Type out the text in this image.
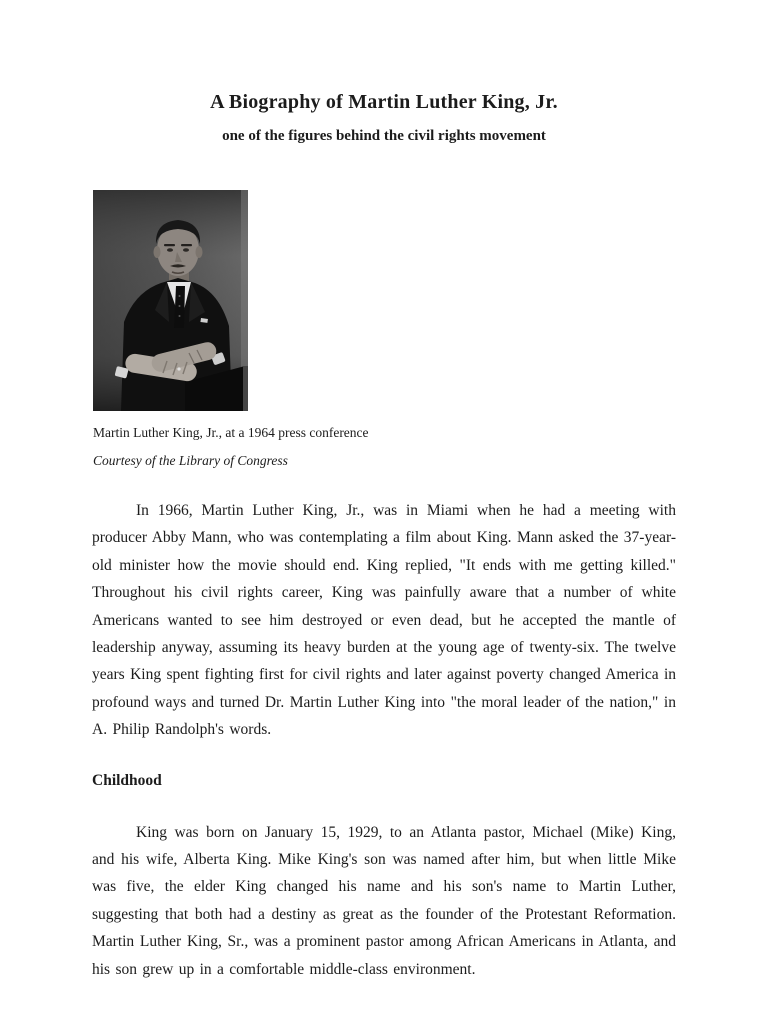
A Biography of Martin Luther King, Jr.
one of the figures behind the civil rights movement
Martin Luther King, Jr., at a 1964 press conference
Courtesy of the Library of Congress

In 1966, Martin Luther King, Jr., was in Miami when he had a meeting with producer Abby Mann, who was contemplating a film about King. Mann asked the 37-year-old minister how the movie should end. King replied, "It ends with me getting killed." Throughout his civil rights career, King was painfully aware that a number of white Americans wanted to see him destroyed or even dead, but he accepted the mantle of leadership anyway, assuming its heavy burden at the young age of twenty-six. The twelve years King spent fighting first for civil rights and later against poverty changed America in profound ways and turned Dr. Martin Luther King into "the moral leader of the nation," in A. Philip Randolph's words.

Childhood

King was born on January 15, 1929, to an Atlanta pastor, Michael (Mike) King, and his wife, Alberta King. Mike King's son was named after him, but when little Mike was five, the elder King changed his name and his son's name to Martin Luther, suggesting that both had a destiny as great as the founder of the Protestant Reformation. Martin Luther King, Sr., was a prominent pastor among African Americans in Atlanta, and his son grew up in a comfortable middle-class environment.
